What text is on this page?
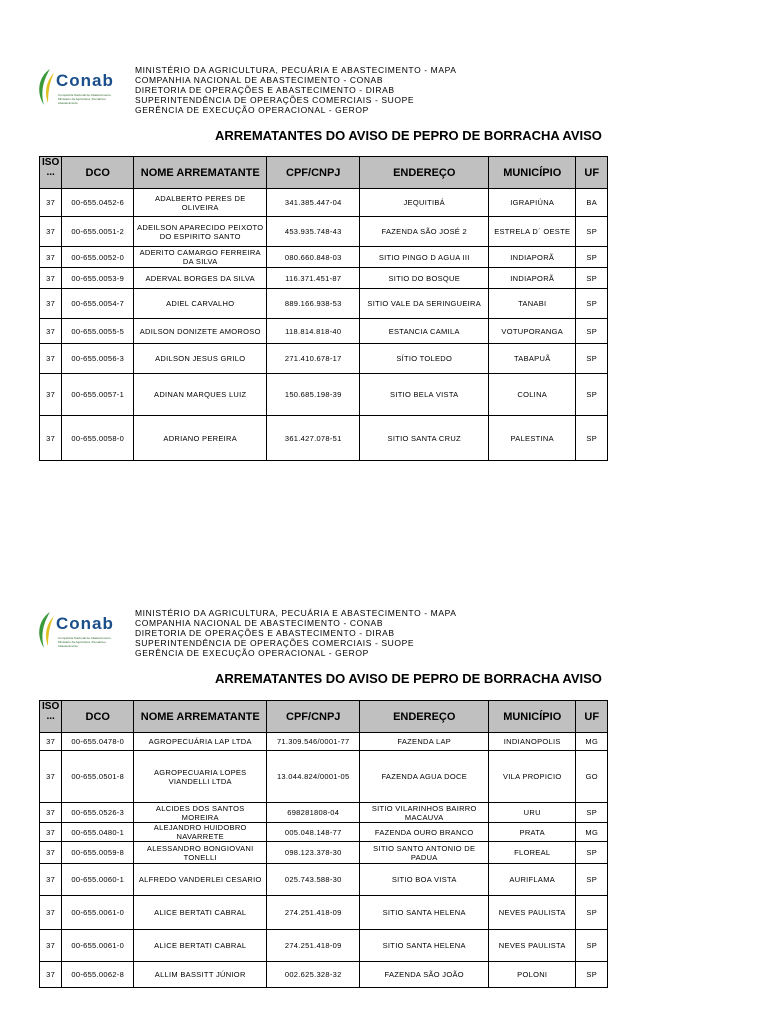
Conab
Companhia Nacional de Abastecimento · Ministério da Agricultura, Pecuária e Abastecimento
MINISTÉRIO DA AGRICULTURA, PECUÁRIA E ABASTECIMENTO - MAPA
COMPANHIA NACIONAL DE ABASTECIMENTO - CONAB
DIRETORIA DE OPERAÇÕES E ABASTECIMENTO - DIRAB
SUPERINTENDÊNCIA DE OPERAÇÕES COMERCIAIS - SUOPE
GERÊNCIA DE EXECUÇÃO OPERACIONAL - GEROP
ARREMATANTES DO AVISO DE PEPRO DE BORRACHA AVISO
ISO ...	DCO	NOME ARREMATANTE	CPF/CNPJ	ENDEREÇO	MUNICÍPIO	UF
37	00-655.0452-6	ADALBERTO PERES DE OLIVEIRA	341.385.447-04	JEQUITIBÁ	IGRAPIÚNA	BA
37	00-655.0051-2	ADEILSON APARECIDO PEIXOTO DO ESPIRITO SANTO	453.935.748-43	FAZENDA SÃO JOSÉ 2	ESTRELA D´ OESTE	SP
37	00-655.0052-0	ADERITO CAMARGO FERREIRA DA SILVA	080.660.848-03	SITIO PINGO D AGUA III	INDIAPORÃ	SP
37	00-655.0053-9	ADERVAL BORGES DA SILVA	116.371.451-87	SITIO DO BOSQUE	INDIAPORÃ	SP
37	00-655.0054-7	ADIEL CARVALHO	889.166.938-53	SITIO VALE DA SERINGUEIRA	TANABI	SP
37	00-655.0055-5	ADILSON DONIZETE AMOROSO	118.814.818-40	ESTANCIA CAMILA	VOTUPORANGA	SP
37	00-655.0056-3	ADILSON JESUS GRILO	271.410.678-17	SÍTIO TOLEDO	TABAPUÃ	SP
37	00-655.0057-1	ADINAN MARQUES LUIZ	150.685.198-39	SITIO BELA VISTA	COLINA	SP
37	00-655.0058-0	ADRIANO PEREIRA	361.427.078-51	SITIO SANTA CRUZ	PALESTINA	SP
Conab
Companhia Nacional de Abastecimento · Ministério da Agricultura, Pecuária e Abastecimento
MINISTÉRIO DA AGRICULTURA, PECUÁRIA E ABASTECIMENTO - MAPA
COMPANHIA NACIONAL DE ABASTECIMENTO - CONAB
DIRETORIA DE OPERAÇÕES E ABASTECIMENTO - DIRAB
SUPERINTENDÊNCIA DE OPERAÇÕES COMERCIAIS - SUOPE
GERÊNCIA DE EXECUÇÃO OPERACIONAL - GEROP
ARREMATANTES DO AVISO DE PEPRO DE BORRACHA AVISO
ISO ...	DCO	NOME ARREMATANTE	CPF/CNPJ	ENDEREÇO	MUNICÍPIO	UF
37	00-655.0478-0	AGROPECUÁRIA LAP LTDA	71.309.546/0001-77	FAZENDA LAP	INDIANOPOLIS	MG
37	00-655.0501-8	AGROPECUARIA LOPES VIANDELLI LTDA	13.044.824/0001-05	FAZENDA AGUA DOCE	VILA PROPICIO	GO
37	00-655.0526-3	ALCIDES DOS SANTOS MOREIRA	698281808-04	SITIO VILARINHOS BAIRRO MACAUVA	URU	SP
37	00-655.0480-1	ALEJANDRO HUIDOBRO NAVARRETE	005.048.148-77	FAZENDA OURO BRANCO	PRATA	MG
37	00-655.0059-8	ALESSANDRO BONGIOVANI TONELLI	098.123.378-30	SITIO SANTO ANTONIO DE PADUA	FLOREAL	SP
37	00-655.0060-1	ALFREDO VANDERLEI CESARIO	025.743.588-30	SITIO BOA VISTA	AURIFLAMA	SP
37	00-655.0061-0	ALICE BERTATI CABRAL	274.251.418-09	SITIO SANTA HELENA	NEVES PAULISTA	SP
37	00-655.0061-0	ALICE BERTATI CABRAL	274.251.418-09	SITIO SANTA HELENA	NEVES PAULISTA	SP
37	00-655.0062-8	ALLIM BASSITT JÚNIOR	002.625.328-32	FAZENDA SÃO JOÃO	POLONI	SP
